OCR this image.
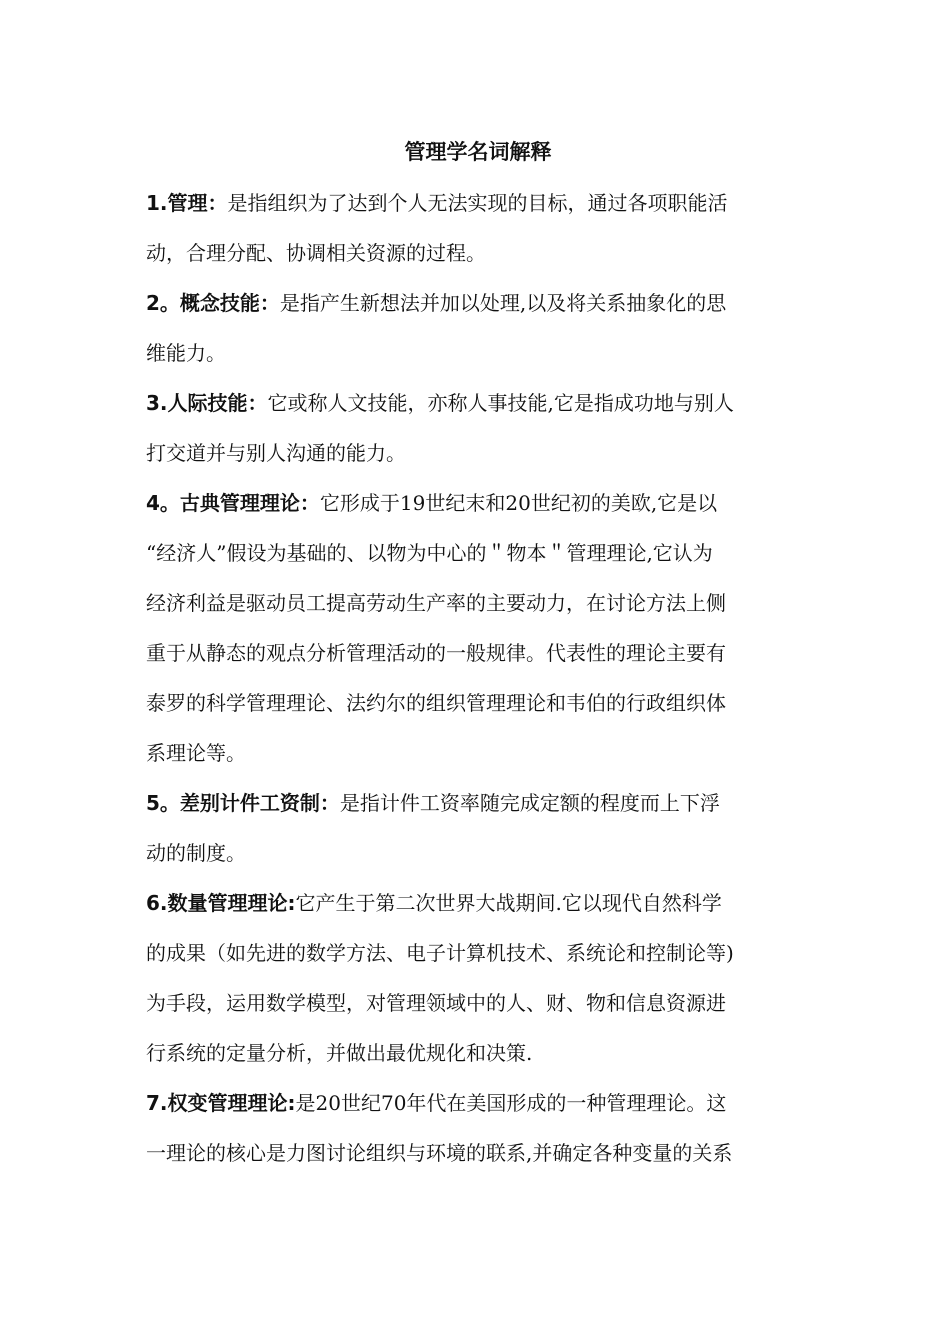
管理学名词解释

1.管理：是指组织为了达到个人无法实现的目标，通过各项职能活
动，合理分配、协调相关资源的过程。

2。概念技能：是指产生新想法并加以处理,以及将关系抽象化的思
维能力。

3.人际技能：它或称人文技能，亦称人事技能,它是指成功地与别人
打交道并与别人沟通的能力。

4。古典管理理论：它形成于19世纪末和20世纪初的美欧,它是以
“经济人”假设为基础的、以物为中心的＂物本＂管理理论,它认为
经济利益是驱动员工提高劳动生产率的主要动力，在讨论方法上侧
重于从静态的观点分析管理活动的一般规律。代表性的理论主要有
泰罗的科学管理理论、法约尔的组织管理理论和韦伯的行政组织体
系理论等。

5。差别计件工资制：是指计件工资率随完成定额的程度而上下浮
动的制度。

6.数量管理理论:它产生于第二次世界大战期间.它以现代自然科学
的成果（如先进的数学方法、电子计算机技术、系统论和控制论等)
为手段，运用数学模型，对管理领域中的人、财、物和信息资源进
行系统的定量分析，并做出最优规化和决策.

7.权变管理理论:是20世纪70年代在美国形成的一种管理理论。这
一理论的核心是力图讨论组织与环境的联系,并确定各种变量的关系
